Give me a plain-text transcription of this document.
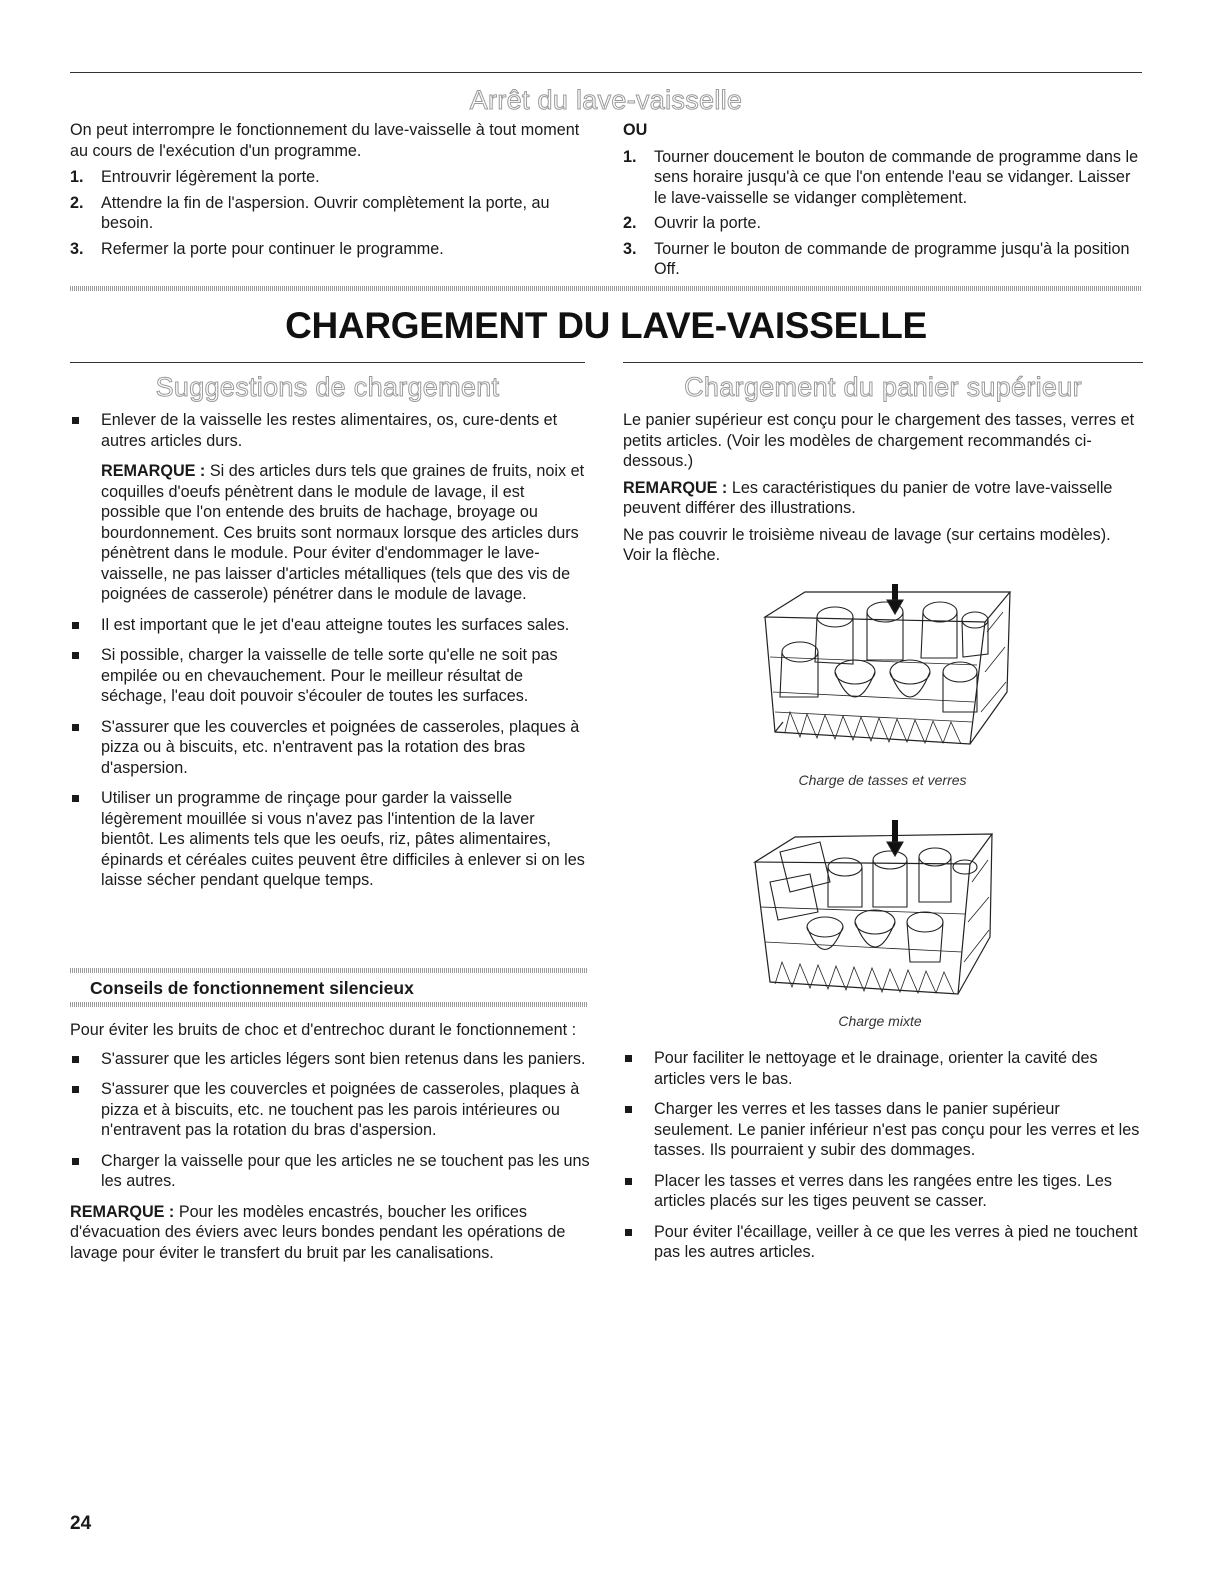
Arrêt du lave-vaisselle

On peut interrompre le fonctionnement du lave-vaisselle à tout moment au cours de l'exécution d'un programme.

1. Entrouvrir légèrement la porte.
2. Attendre la fin de l'aspersion. Ouvrir complètement la porte, au besoin.
3. Refermer la porte pour continuer le programme.

OU

1. Tourner doucement le bouton de commande de programme dans le sens horaire jusqu'à ce que l'on entende l'eau se vidanger. Laisser le lave-vaisselle se vidanger complètement.
2. Ouvrir la porte.
3. Tourner le bouton de commande de programme jusqu'à la position Off.
CHARGEMENT DU LAVE-VAISSELLE
Suggestions de chargement
Enlever de la vaisselle les restes alimentaires, os, cure-dents et autres articles durs.

REMARQUE : Si des articles durs tels que graines de fruits, noix et coquilles d'oeufs pénètrent dans le module de lavage, il est possible que l'on entende des bruits de hachage, broyage ou bourdonnement. Ces bruits sont normaux lorsque des articles durs pénètrent dans le module. Pour éviter d'endommager le lave-vaisselle, ne pas laisser d'articles métalliques (tels que des vis de poignées de casserole) pénétrer dans le module de lavage.

Il est important que le jet d'eau atteigne toutes les surfaces sales.
Si possible, charger la vaisselle de telle sorte qu'elle ne soit pas empilée ou en chevauchement. Pour le meilleur résultat de séchage, l'eau doit pouvoir s'écouler de toutes les surfaces.
S'assurer que les couvercles et poignées de casseroles, plaques à pizza ou à biscuits, etc. n'entravent pas la rotation des bras d'aspersion.
Utiliser un programme de rinçage pour garder la vaisselle légèrement mouillée si vous n'avez pas l'intention de la laver bientôt. Les aliments tels que les oeufs, riz, pâtes alimentaires, épinards et céréales cuites peuvent être difficiles à enlever si on les laisse sécher pendant quelque temps.
Conseils de fonctionnement silencieux

Pour éviter les bruits de choc et d'entrechoc durant le fonctionnement :

S'assurer que les articles légers sont bien retenus dans les paniers.
S'assurer que les couvercles et poignées de casseroles, plaques à pizza et à biscuits, etc. ne touchent pas les parois intérieures ou n'entravent pas la rotation du bras d'aspersion.
Charger la vaisselle pour que les articles ne se touchent pas les uns les autres.

REMARQUE : Pour les modèles encastrés, boucher les orifices d'évacuation des éviers avec leurs bondes pendant les opérations de lavage pour éviter le transfert du bruit par les canalisations.

Chargement du panier supérieur

Le panier supérieur est conçu pour le chargement des tasses, verres et petits articles. (Voir les modèles de chargement recommandés ci-dessous.)

REMARQUE : Les caractéristiques du panier de votre lave-vaisselle peuvent différer des illustrations.

Ne pas couvrir le troisième niveau de lavage (sur certains modèles). Voir la flèche.

Charge de tasses et verres
Charge mixte
Pour faciliter le nettoyage et le drainage, orienter la cavité des articles vers le bas.
Charger les verres et les tasses dans le panier supérieur seulement. Le panier inférieur n'est pas conçu pour les verres et les tasses. Ils pourraient y subir des dommages.
Placer les tasses et verres dans les rangées entre les tiges. Les articles placés sur les tiges peuvent se casser.
Pour éviter l'écaillage, veiller à ce que les verres à pied ne touchent pas les autres articles.
24
